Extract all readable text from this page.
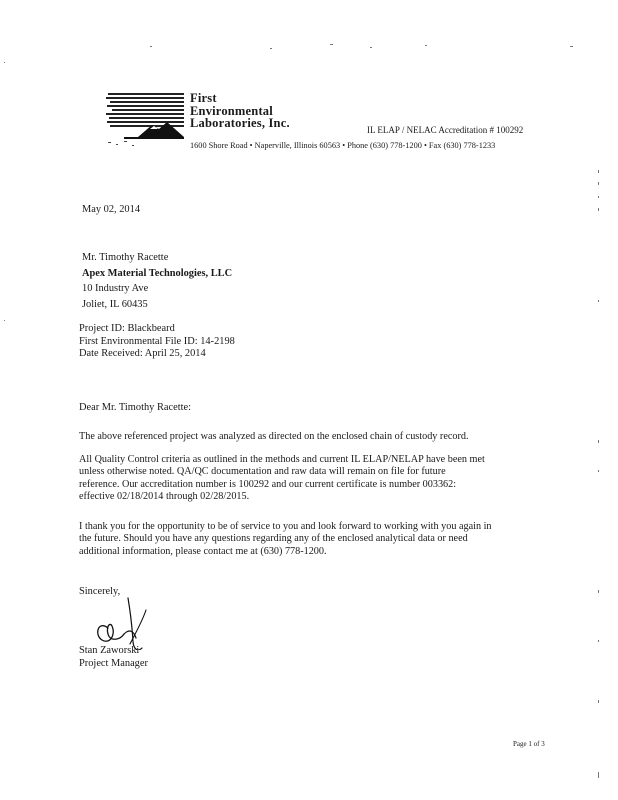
First
Environmental
Laboratories, Inc.	IL ELAP / NELAC Accreditation # 100292
1600 Shore Road • Naperville, Illinois 60563 • Phone (630) 778-1200 • Fax (630) 778-1233
May 02, 2014
Mr. Timothy Racette
Apex Material Technologies, LLC
10 Industry Ave
Joliet, IL 60435
Project ID: Blackbeard
First Environmental File ID: 14-2198
Date Received: April 25, 2014
Dear Mr. Timothy Racette:
The above referenced project was analyzed as directed on the enclosed chain of custody record.
All Quality Control criteria as outlined in the methods and current IL ELAP/NELAP have been met
unless otherwise noted. QA/QC documentation and raw data will remain on file for future
reference. Our accreditation number is 100292 and our current certificate is number 003362:
effective 02/18/2014 through 02/28/2015.
I thank you for the opportunity to be of service to you and look forward to working with you again in
the future. Should you have any questions regarding any of the enclosed analytical data or need
additional information, please contact me at (630) 778-1200.
Sincerely,
Stan Zaworski
Project Manager
Page 1 of 3
